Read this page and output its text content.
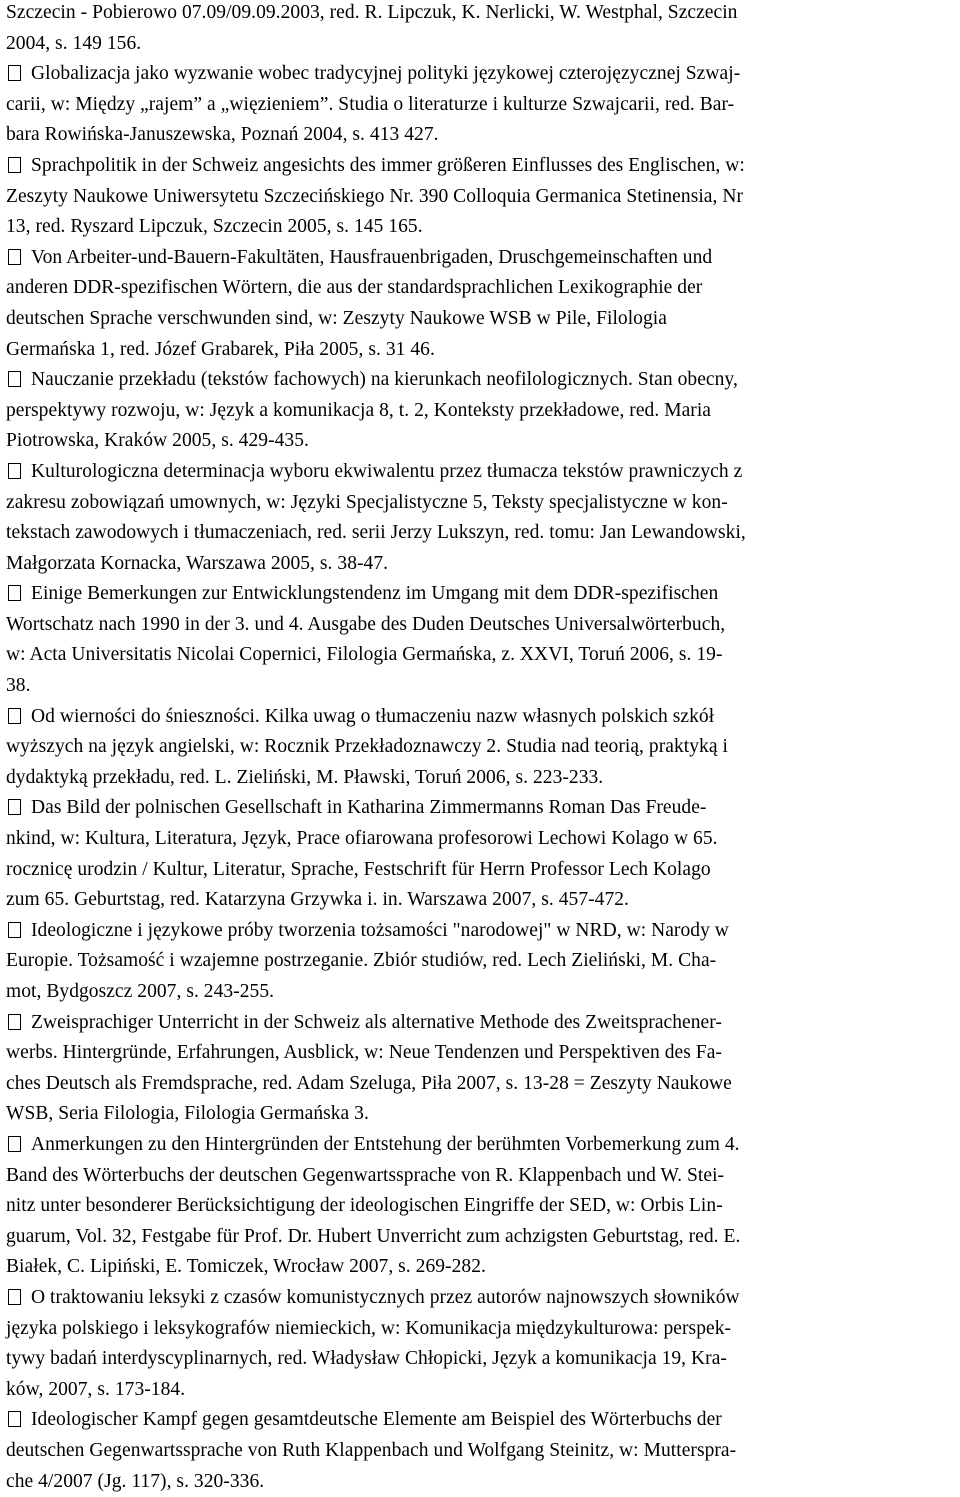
Szczecin - Pobierowo 07.09/09.09.2003, red. R. Lipczuk, K. Nerlicki, W. Westphal, Szczecin
2004, s. 149 156.
Globalizacja jako wyzwanie wobec tradycyjnej polityki językowej czterojęzycznej Szwaj-
carii, w: Między „rajem” a „więzieniem”. Studia o literaturze i kulturze Szwajcarii, red. Bar-
bara Rowińska-Januszewska, Poznań 2004, s. 413 427.
Sprachpolitik in der Schweiz angesichts des immer größeren Einflusses des Englischen, w:
Zeszyty Naukowe Uniwersytetu Szczecińskiego Nr. 390 Colloquia Germanica Stetinensia, Nr
13, red. Ryszard Lipczuk, Szczecin 2005, s. 145 165.
Von Arbeiter-und-Bauern-Fakultäten, Hausfrauenbrigaden, Druschgemeinschaften und
anderen DDR-spezifischen Wörtern, die aus der standardsprachlichen Lexikographie der
deutschen Sprache verschwunden sind, w: Zeszyty Naukowe WSB w Pile, Filologia
Germańska 1, red. Józef Grabarek, Piła 2005, s. 31 46.
Nauczanie przekładu (tekstów fachowych) na kierunkach neofilologicznych. Stan obecny,
perspektywy rozwoju, w: Język a komunikacja 8, t. 2, Konteksty przekładowe, red. Maria
Piotrowska, Kraków 2005, s. 429-435.
Kulturologiczna determinacja wyboru ekwiwalentu przez tłumacza tekstów prawniczych z
zakresu zobowiązań umownych, w: Języki Specjalistyczne 5, Teksty specjalistyczne w kon-
tekstach zawodowych i tłumaczeniach, red. serii Jerzy Lukszyn, red. tomu: Jan Lewandowski,
Małgorzata Kornacka, Warszawa 2005, s. 38-47.
Einige Bemerkungen zur Entwicklungstendenz im Umgang mit dem DDR-spezifischen
Wortschatz nach 1990 in der 3. und 4. Ausgabe des Duden Deutsches Universalwörterbuch,
w: Acta Universitatis Nicolai Copernici, Filologia Germańska, z. XXVI, Toruń 2006, s. 19-
38.
Od wierności do śnieszności. Kilka uwag o tłumaczeniu nazw własnych polskich szkół
wyższych na język angielski, w: Rocznik Przekładoznawczy 2. Studia nad teorią, praktyką i
dydaktyką przekładu, red. L. Zieliński, M. Pławski, Toruń 2006, s. 223-233.
Das Bild der polnischen Gesellschaft in Katharina Zimmermanns Roman Das Freude-
nkind, w: Kultura, Literatura, Język, Prace ofiarowana profesorowi Lechowi Kolago w 65.
rocznicę urodzin / Kultur, Literatur, Sprache, Festschrift für Herrn Professor Lech Kolago
zum 65. Geburtstag, red. Katarzyna Grzywka i. in. Warszawa 2007, s. 457-472.
Ideologiczne i językowe próby tworzenia tożsamości "narodowej" w NRD, w: Narody w
Europie. Tożsamość i wzajemne postrzeganie. Zbiór studiów, red. Lech Zieliński, M. Cha-
mot, Bydgoszcz 2007, s. 243-255.
Zweisprachiger Unterricht in der Schweiz als alternative Methode des Zweitsprachener-
werbs. Hintergründe, Erfahrungen, Ausblick, w: Neue Tendenzen und Perspektiven des Fa-
ches Deutsch als Fremdsprache, red. Adam Szeluga, Piła 2007, s. 13-28 = Zeszyty Naukowe
WSB, Seria Filologia, Filologia Germańska 3.
Anmerkungen zu den Hintergründen der Entstehung der berühmten Vorbemerkung zum 4.
Band des Wörterbuchs der deutschen Gegenwartssprache von R. Klappenbach und W. Stei-
nitz unter besonderer Berücksichtigung der ideologischen Eingriffe der SED, w: Orbis Lin-
guarum, Vol. 32, Festgabe für Prof. Dr. Hubert Unverricht zum achzigsten Geburtstag, red. E.
Białek, C. Lipiński, E. Tomiczek, Wrocław 2007, s. 269-282.
O traktowaniu leksyki z czasów komunistycznych przez autorów najnowszych słowników
języka polskiego i leksykografów niemieckich, w: Komunikacja międzykulturowa: perspek-
tywy badań interdyscyplinarnych, red. Władysław Chłopicki, Język a komunikacja 19, Kra-
ków, 2007, s. 173-184.
Ideologischer Kampf gegen gesamtdeutsche Elemente am Beispiel des Wörterbuchs der
deutschen Gegenwartssprache von Ruth Klappenbach und Wolfgang Steinitz, w: Mutterspra-
che 4/2007 (Jg. 117), s. 320-336.
